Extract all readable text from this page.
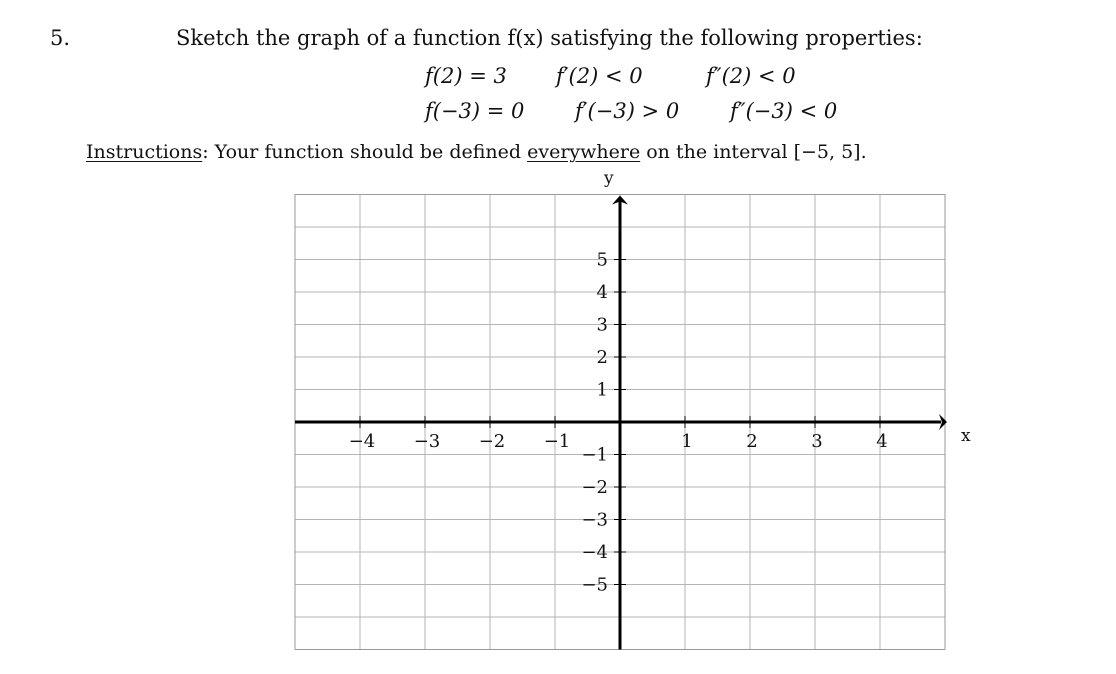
5.	Sketch the graph of a function f(x) satisfying the following properties:
f(2) = 3 f′(2) < 0	f″(2) < 0
f(−3) = 0 f′(−3) > 0 f″(−3) < 0
Instructions: Your function should be defined everywhere on the interval [−5, 5].
x
y
−4 −3 −2 −1	1	2	3	4
−5
−4
−3
−2
−1
1
2
3
4
5
